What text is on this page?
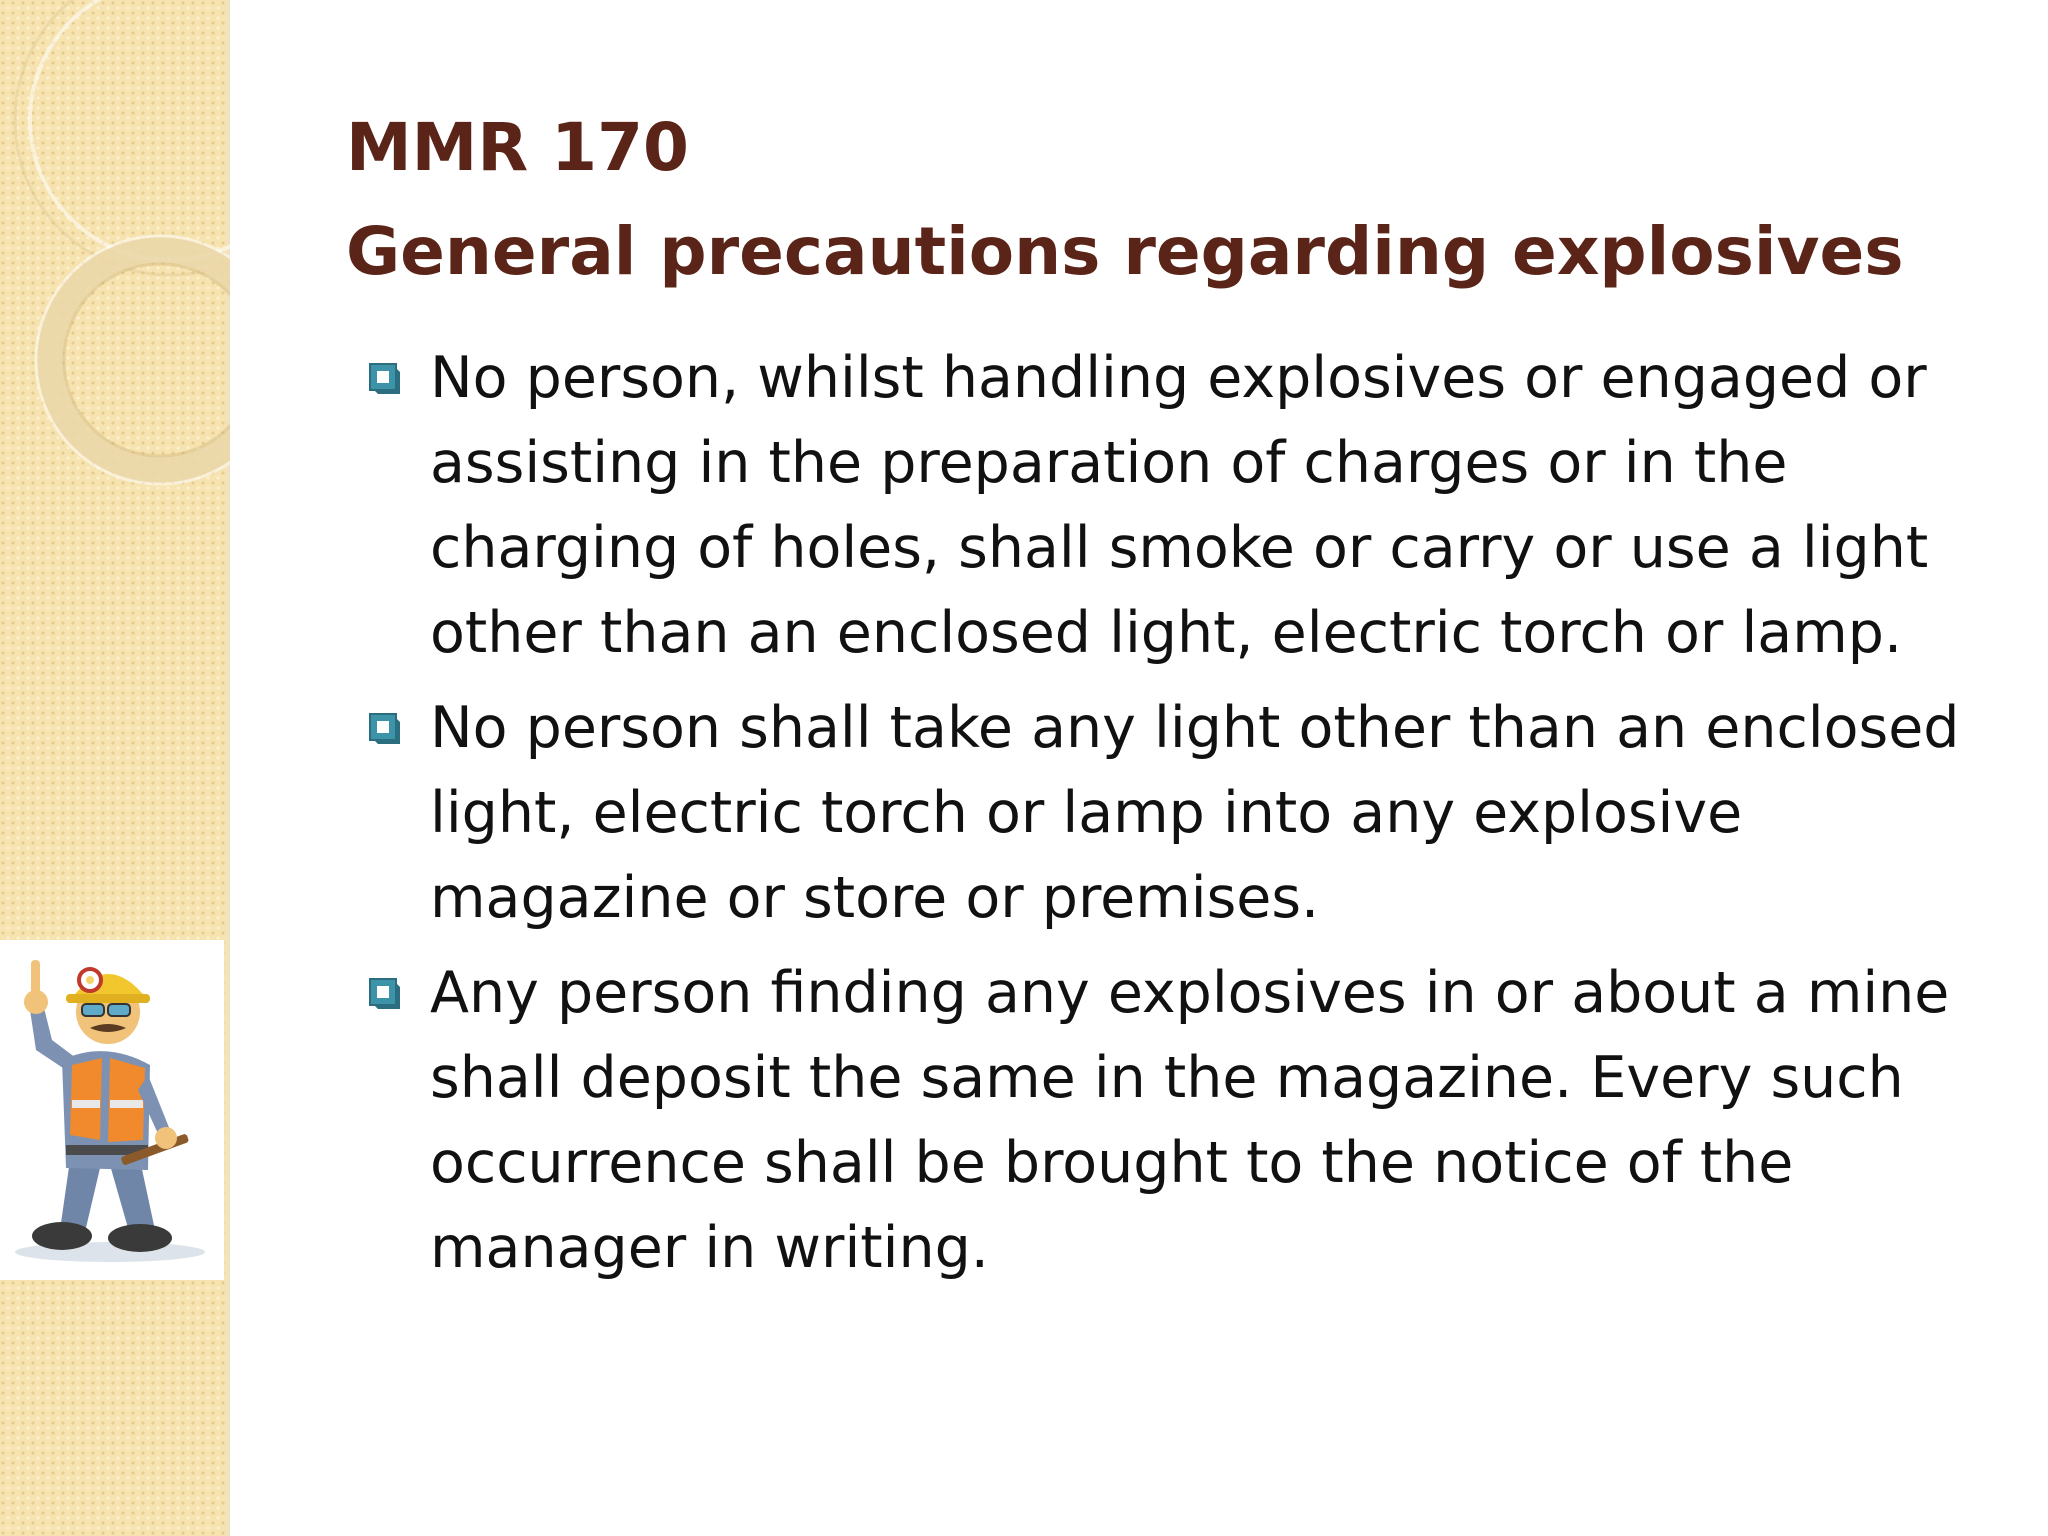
MMR 170
General precautions regarding explosives
No person, whilst handling explosives or engaged or assisting in the preparation of charges or in the charging of holes, shall smoke or carry or use a light other than an enclosed light, electric torch or lamp.
No person shall take any light other than an enclosed light, electric torch or lamp into any explosive magazine or store or premises.
Any person finding any explosives in or about a mine shall deposit the same in the magazine. Every such occurrence shall be brought to the notice of the manager in writing.
